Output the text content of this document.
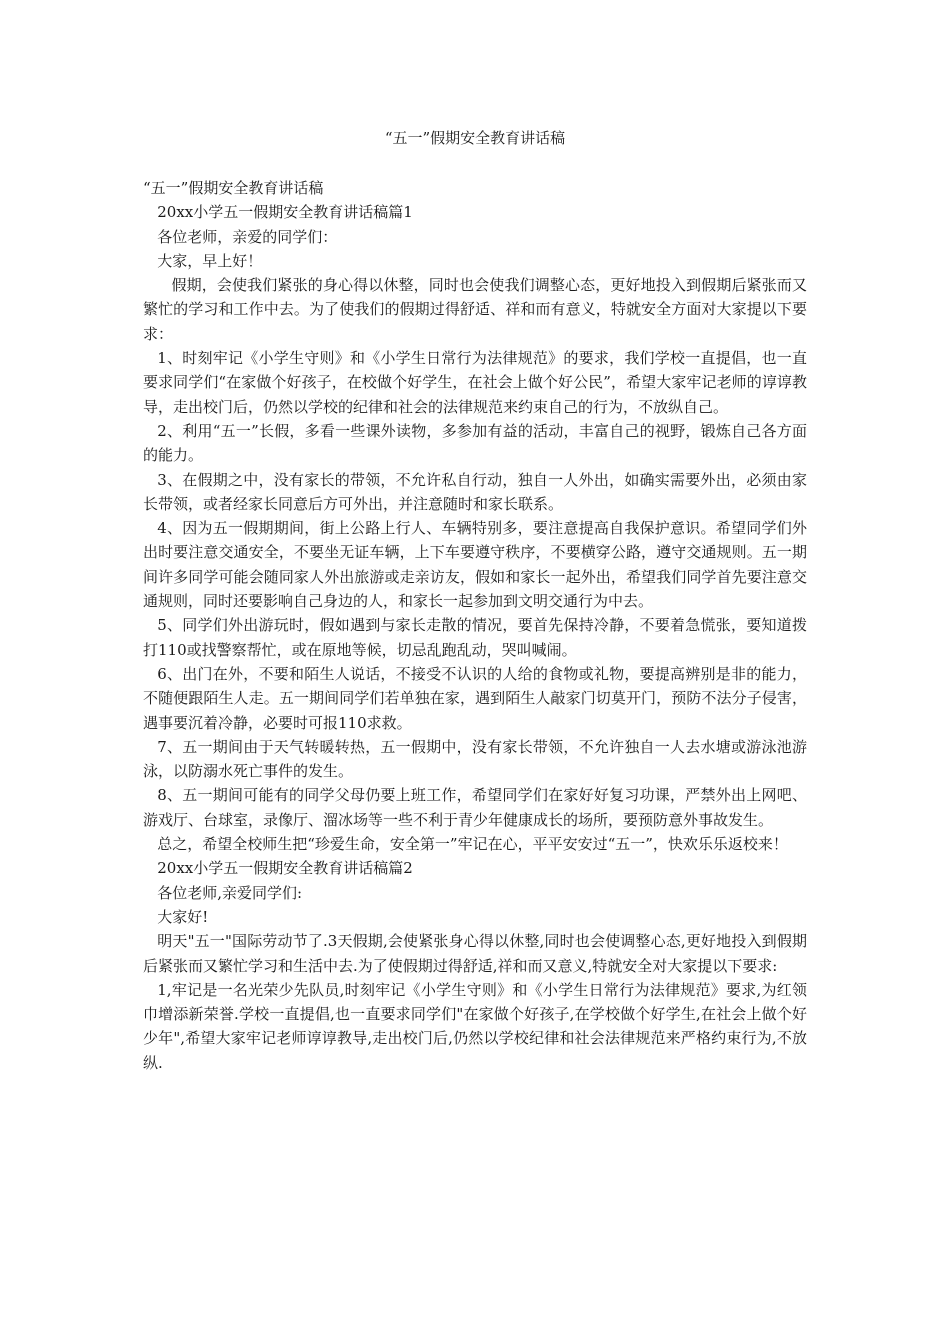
“五一”假期安全教育讲话稿

“五一”假期安全教育讲话稿

20xx小学五一假期安全教育讲话稿篇1

各位老师，亲爱的同学们：

大家，早上好！

假期，会使我们紧张的身心得以休整，同时也会使我们调整心态，更好地投入到假期后紧张而又繁忙的学习和工作中去。为了使我们的假期过得舒适、祥和而有意义，特就安全方面对大家提以下要求：

1、时刻牢记《小学生守则》和《小学生日常行为法律规范》的要求，我们学校一直提倡，也一直要求同学们“在家做个好孩子，在校做个好学生，在社会上做个好公民”，希望大家牢记老师的谆谆教导，走出校门后，仍然以学校的纪律和社会的法律规范来约束自己的行为，不放纵自己。

2、利用“五一”长假，多看一些课外读物，多参加有益的活动，丰富自己的视野，锻炼自己各方面的能力。

3、在假期之中，没有家长的带领，不允许私自行动，独自一人外出，如确实需要外出，必须由家长带领，或者经家长同意后方可外出，并注意随时和家长联系。

4、因为五一假期期间，街上公路上行人、车辆特别多，要注意提高自我保护意识。希望同学们外出时要注意交通安全，不要坐无证车辆，上下车要遵守秩序，不要横穿公路，遵守交通规则。五一期间许多同学可能会随同家人外出旅游或走亲访友，假如和家长一起外出，希望我们同学首先要注意交通规则，同时还要影响自己身边的人，和家长一起参加到文明交通行为中去。

5、同学们外出游玩时，假如遇到与家长走散的情况，要首先保持冷静，不要着急慌张，要知道拨打110或找警察帮忙，或在原地等候，切忌乱跑乱动，哭叫喊闹。

6、出门在外，不要和陌生人说话，不接受不认识的人给的食物或礼物，要提高辨别是非的能力，不随便跟陌生人走。五一期间同学们若单独在家，遇到陌生人敲家门切莫开门，预防不法分子侵害，遇事要沉着冷静，必要时可报110求救。

7、五一期间由于天气转暖转热，五一假期中，没有家长带领，不允许独自一人去水塘或游泳池游泳，以防溺水死亡事件的发生。

8、五一期间可能有的同学父母仍要上班工作，希望同学们在家好好复习功课，严禁外出上网吧、游戏厅、台球室，录像厅、溜冰场等一些不利于青少年健康成长的场所，要预防意外事故发生。

总之，希望全校师生把“珍爱生命，安全第一”牢记在心，平平安安过“五一”，快欢乐乐返校来！

20xx小学五一假期安全教育讲话稿篇2

各位老师,亲爱同学们:

大家好!

明天"五一"国际劳动节了.3天假期,会使紧张身心得以休整,同时也会使调整心态,更好地投入到假期后紧张而又繁忙学习和生活中去.为了使假期过得舒适,祥和而又意义,特就安全对大家提以下要求:

1,牢记是一名光荣少先队员,时刻牢记《小学生守则》和《小学生日常行为法律规范》要求,为红领巾增添新荣誉.学校一直提倡,也一直要求同学们"在家做个好孩子,在学校做个好学生,在社会上做个好少年",希望大家牢记老师谆谆教导,走出校门后,仍然以学校纪律和社会法律规范来严格约束行为,不放纵.
